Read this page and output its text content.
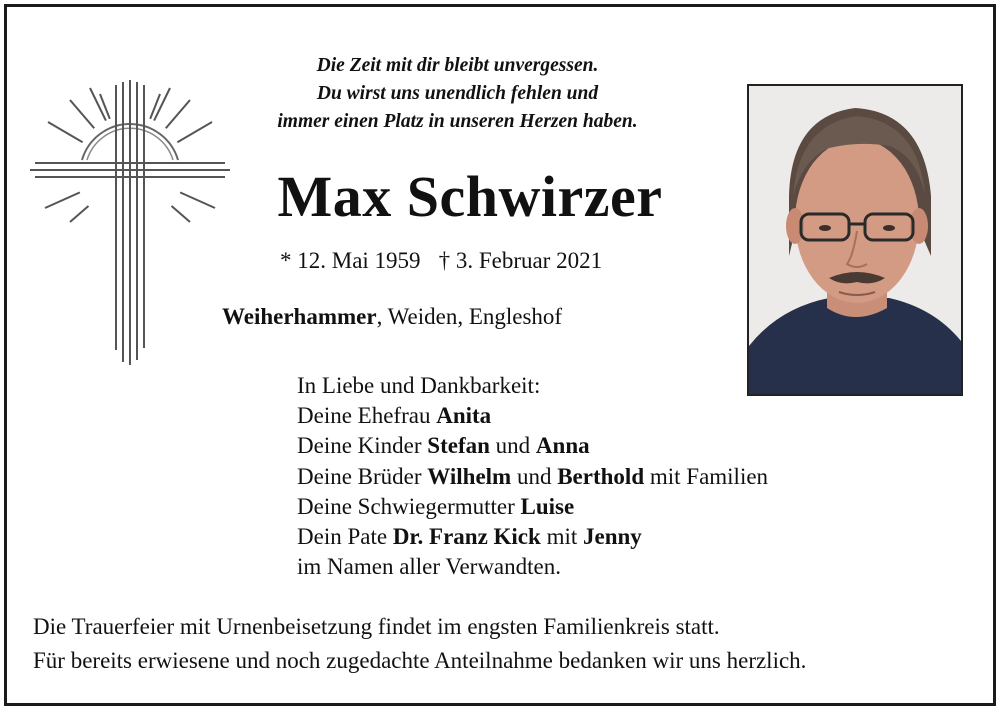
Die Zeit mit dir bleibt unvergessen.
Du wirst uns unendlich fehlen und
immer einen Platz in unseren Herzen haben.
Max Schwirzer
* 12. Mai 1959 † 3. Februar 2021
Weiherhammer, Weiden, Engleshof
In Liebe und Dankbarkeit:
Deine Ehefrau Anita
Deine Kinder Stefan und Anna
Deine Brüder Wilhelm und Berthold mit Familien
Deine Schwiegermutter Luise
Dein Pate Dr. Franz Kick mit Jenny
im Namen aller Verwandten.
Die Trauerfeier mit Urnenbeisetzung findet im engsten Familienkreis statt.
Für bereits erwiesene und noch zugedachte Anteilnahme bedanken wir uns herzlich.
